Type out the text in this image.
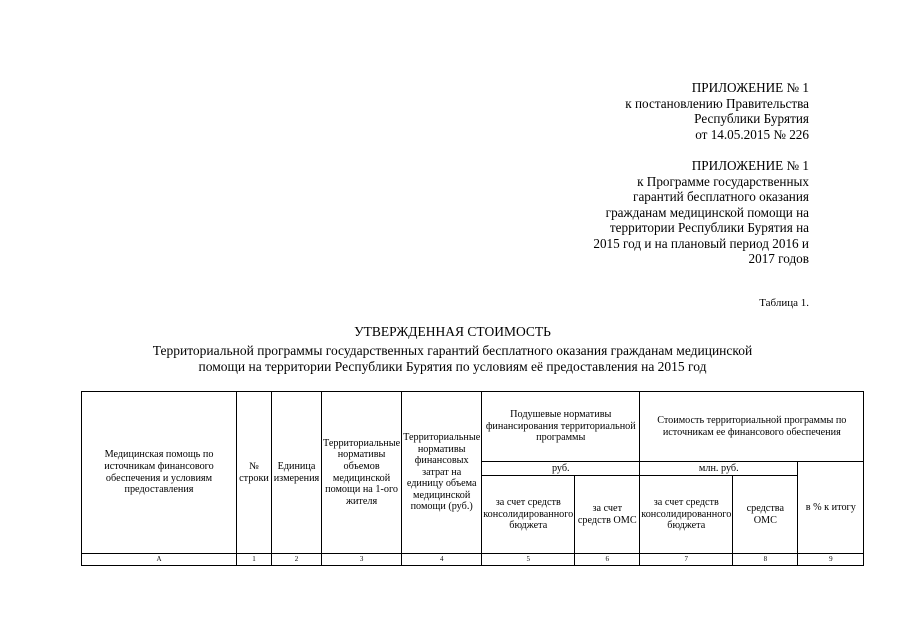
ПРИЛОЖЕНИЕ № 1
к постановлению Правительства
Республики Бурятия
от 14.05.2015 № 226
ПРИЛОЖЕНИЕ № 1
к Программе государственных
гарантий бесплатного оказания
гражданам медицинской помощи на
территории Республики Бурятия на
2015 год и на плановый период 2016 и
2017 годов
Таблица 1.
УТВЕРЖДЕННАЯ СТОИМОСТЬ
Территориальной программы государственных гарантий бесплатного оказания гражданам медицинской
помощи на территории Республики Бурятия по условиям её предоставления на 2015 год
Медицинская помощь по источникам финансового обеспечения и условиям предоставления	№ строки	Единица измерения	Территориальные нормативы объемов медицинской помощи на 1-ого жителя	Территориальные нормативы финансовых затрат на единицу объема медицинской помощи (руб.)	Подушевые нормативы финансирования территориальной программы		Стоимость территориальной программы по источникам ее финансового обеспечения		
					руб.		млн. руб.		в % к итогу
					за счет средств консолидированного бюджета	за счет средств ОМС	за счет средств консолидированного бюджета	средства ОМС	
А	1	2	3	4	5	6	7	8	9
